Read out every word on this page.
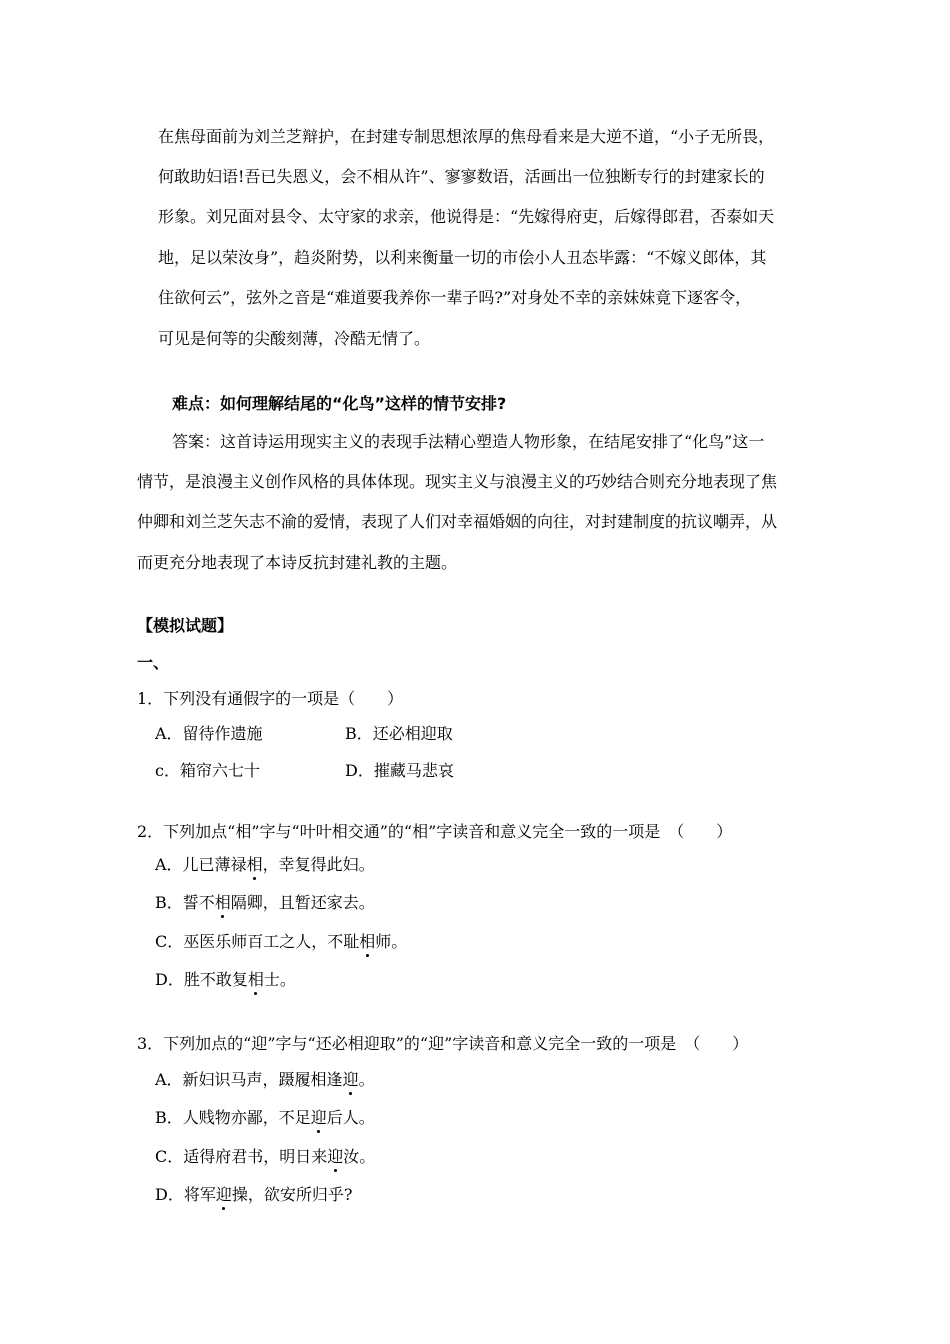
在焦母面前为刘兰芝辩护，在封建专制思想浓厚的焦母看来是大逆不道，“小子无所畏，
何敢助妇语!吾已失恩义，会不相从许”、寥寥数语，活画出一位独断专行的封建家长的
形象。刘兄面对县令、太守家的求亲，他说得是：“先嫁得府吏，后嫁得郎君，否泰如天
地，足以荣汝身”，趋炎附势，以利来衡量一切的市侩小人丑态毕露：“不嫁义郎体，其
住欲何云”，弦外之音是“难道要我养你一辈子吗?”对身处不幸的亲妹妹竟下逐客令，
可见是何等的尖酸刻薄，冷酷无情了。
难点：如何理解结尾的“化鸟”这样的情节安排?
答案：这首诗运用现实主义的表现手法精心塑造人物形象，在结尾安排了“化鸟”这一
情节，是浪漫主义创作风格的具体体现。现实主义与浪漫主义的巧妙结合则充分地表现了焦
仲卿和刘兰芝矢志不渝的爱情，表现了人们对幸福婚姻的向往，对封建制度的抗议嘲弄，从
而更充分地表现了本诗反抗封建礼教的主题。
【模拟试题】
一、
1．下列没有通假字的一项是（　　）
A．留待作遗施	B．还必相迎取
c．箱帘六七十	D．摧藏马悲哀
2．下列加点“相”字与“叶叶相交通”的“相”字读音和意义完全一致的一项是　（　　）
A．儿已薄禄相，幸复得此妇。
B．誓不相隔卿，且暂还家去。
C．巫医乐师百工之人，不耻相师。
D．胜不敢复相士。
3．下列加点的“迎”字与“还必相迎取”的“迎”字读音和意义完全一致的一项是　（　　）
A．新妇识马声，蹑履相逢迎。
B．人贱物亦鄙，不足迎后人。
C．适得府君书，明日来迎汝。
D．将军迎操，欲安所归乎?
